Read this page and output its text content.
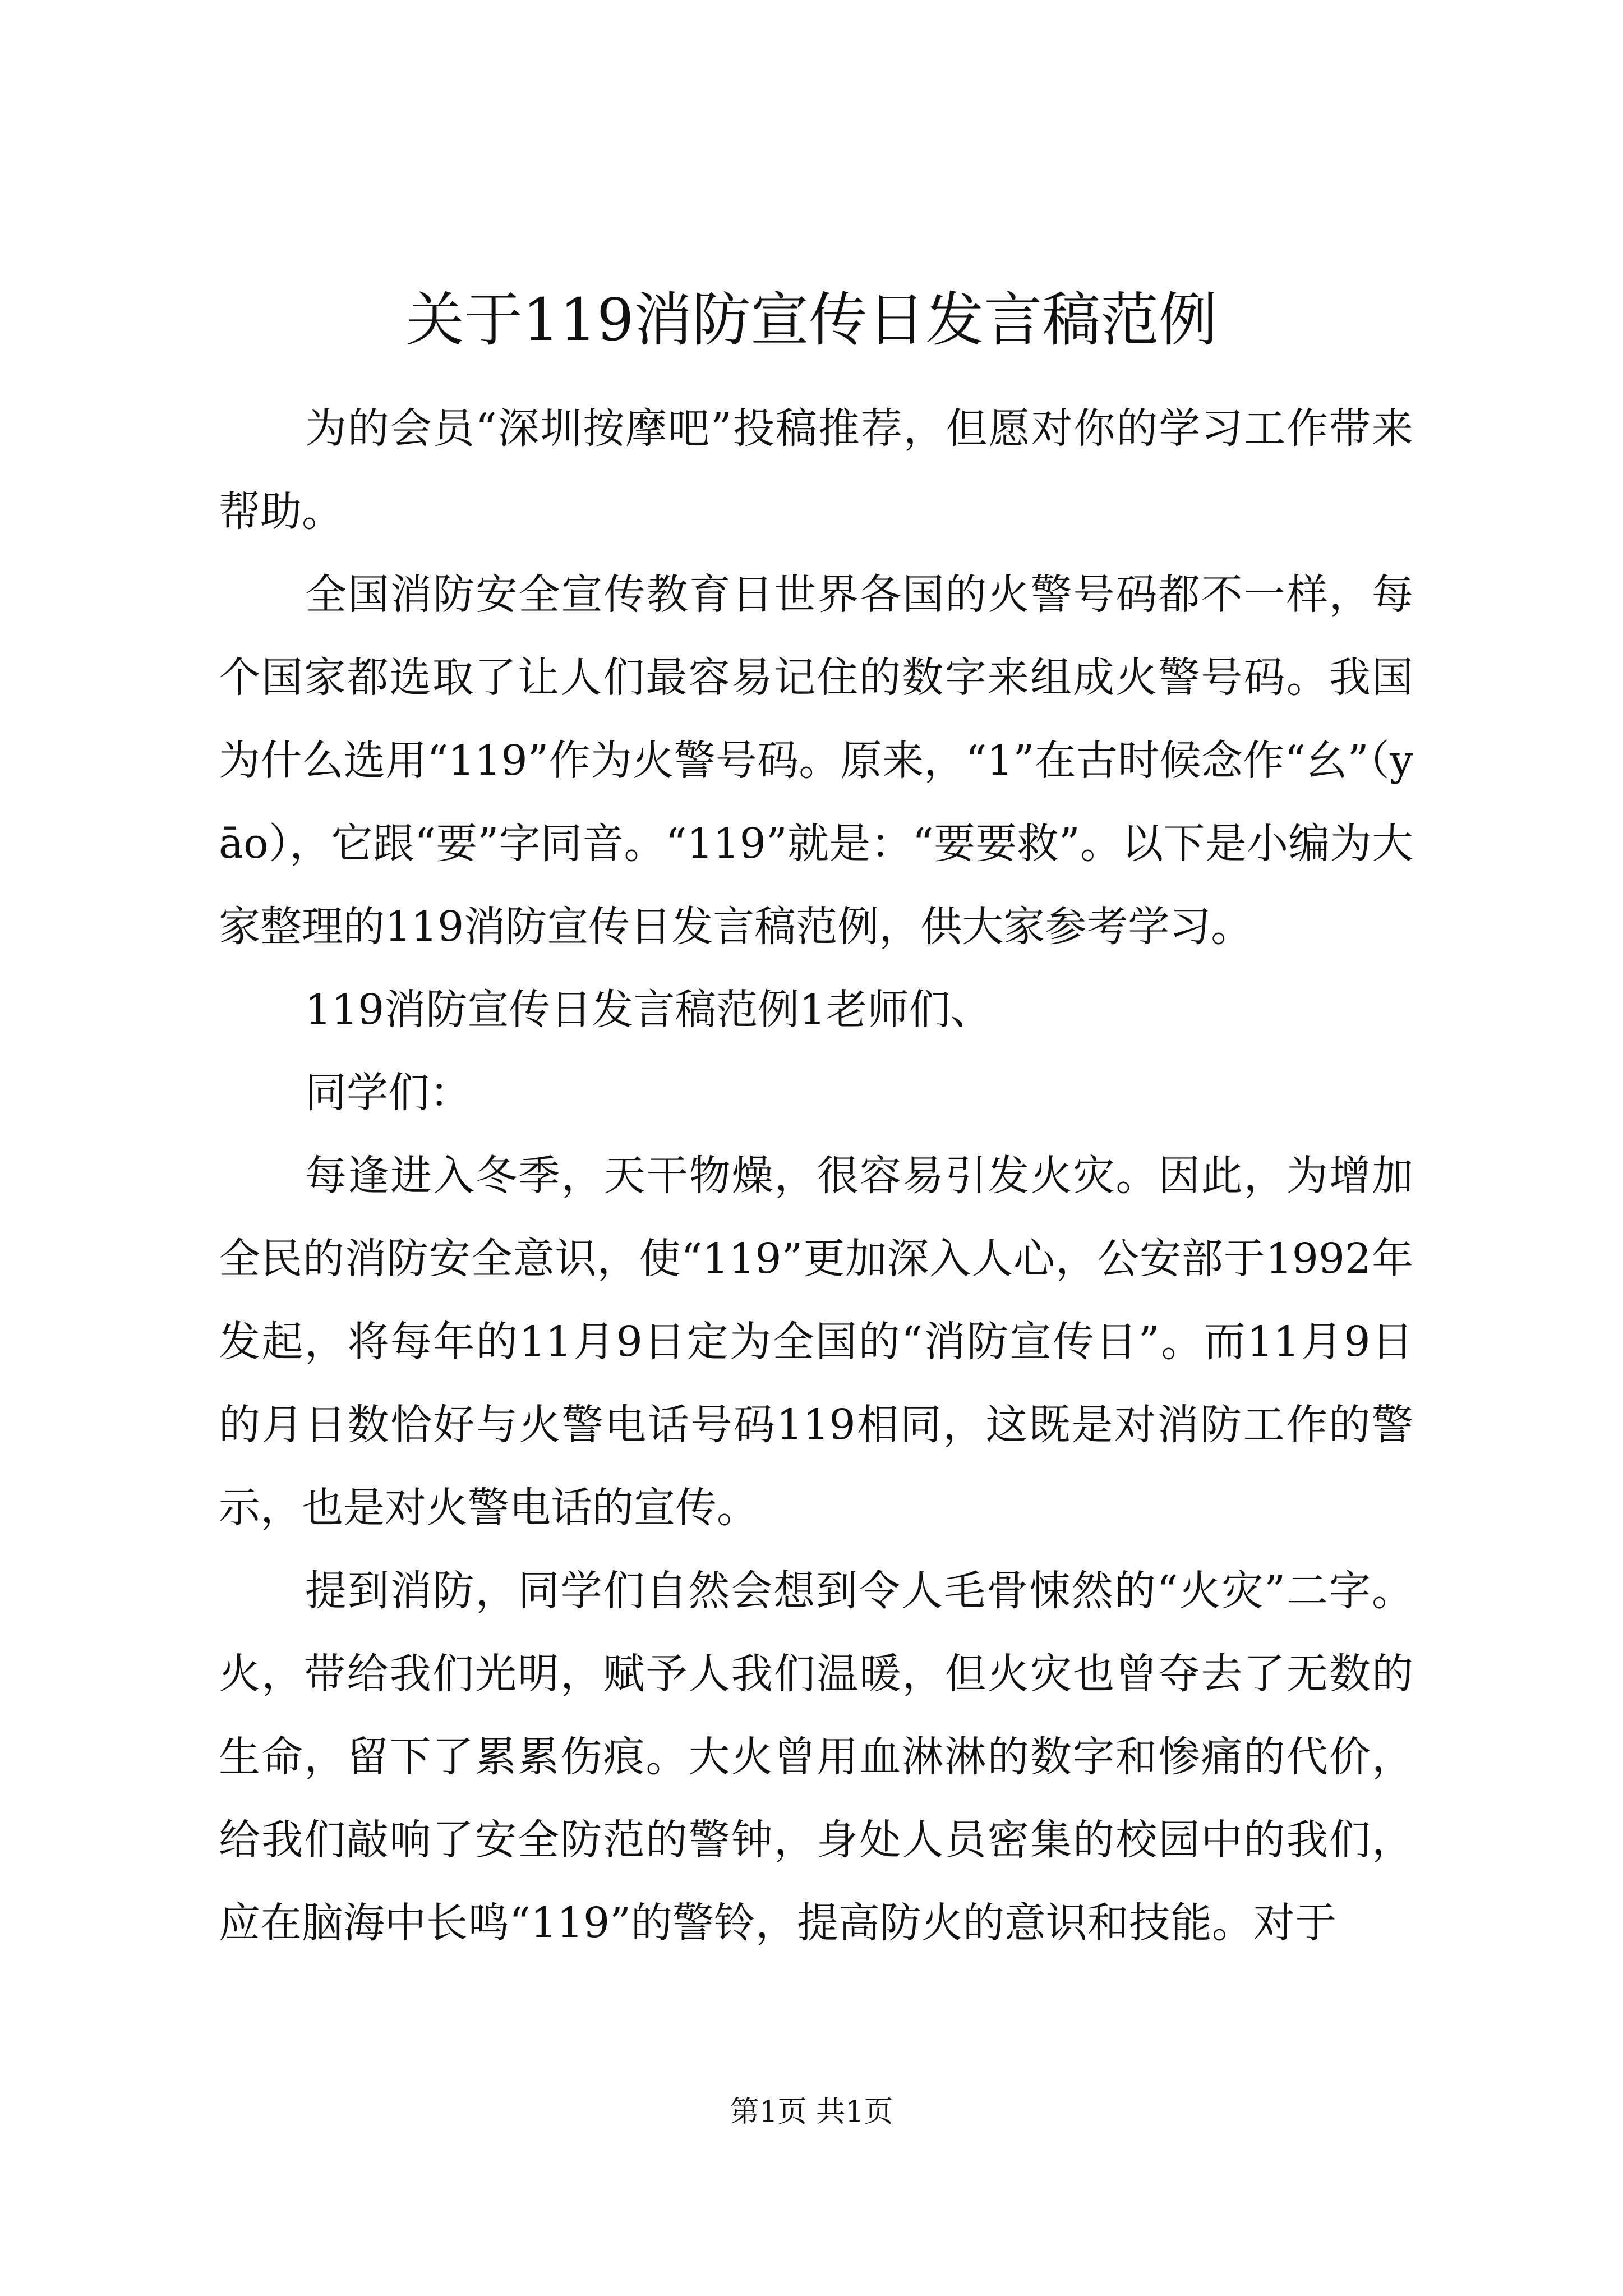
关于119消防宣传日发言稿范例

为的会员“深圳按摩吧”投稿推荐，但愿对你的学习工作带来帮助。

全国消防安全宣传教育日世界各国的火警号码都不一样，每个国家都选取了让人们最容易记住的数字来组成火警号码。我国为什么选用“119”作为火警号码。原来，“1”在古时候念作“幺”（yāo），它跟“要”字同音。“119”就是：“要要救”。以下是小编为大家整理的119消防宣传日发言稿范例，供大家参考学习。

119消防宣传日发言稿范例1老师们、

同学们：

每逢进入冬季，天干物燥，很容易引发火灾。因此，为增加全民的消防安全意识，使“119”更加深入人心，公安部于1992年发起，将每年的11月9日定为全国的“消防宣传日”。而11月9日的月日数恰好与火警电话号码119相同，这既是对消防工作的警示，也是对火警电话的宣传。

提到消防，同学们自然会想到令人毛骨悚然的“火灾”二字。火，带给我们光明，赋予人我们温暖，但火灾也曾夺去了无数的生命，留下了累累伤痕。大火曾用血淋淋的数字和惨痛的代价，给我们敲响了安全防范的警钟，身处人员密集的校园中的我们，应在脑海中长鸣“119”的警铃，提高防火的意识和技能。对于

第1页 共1页
